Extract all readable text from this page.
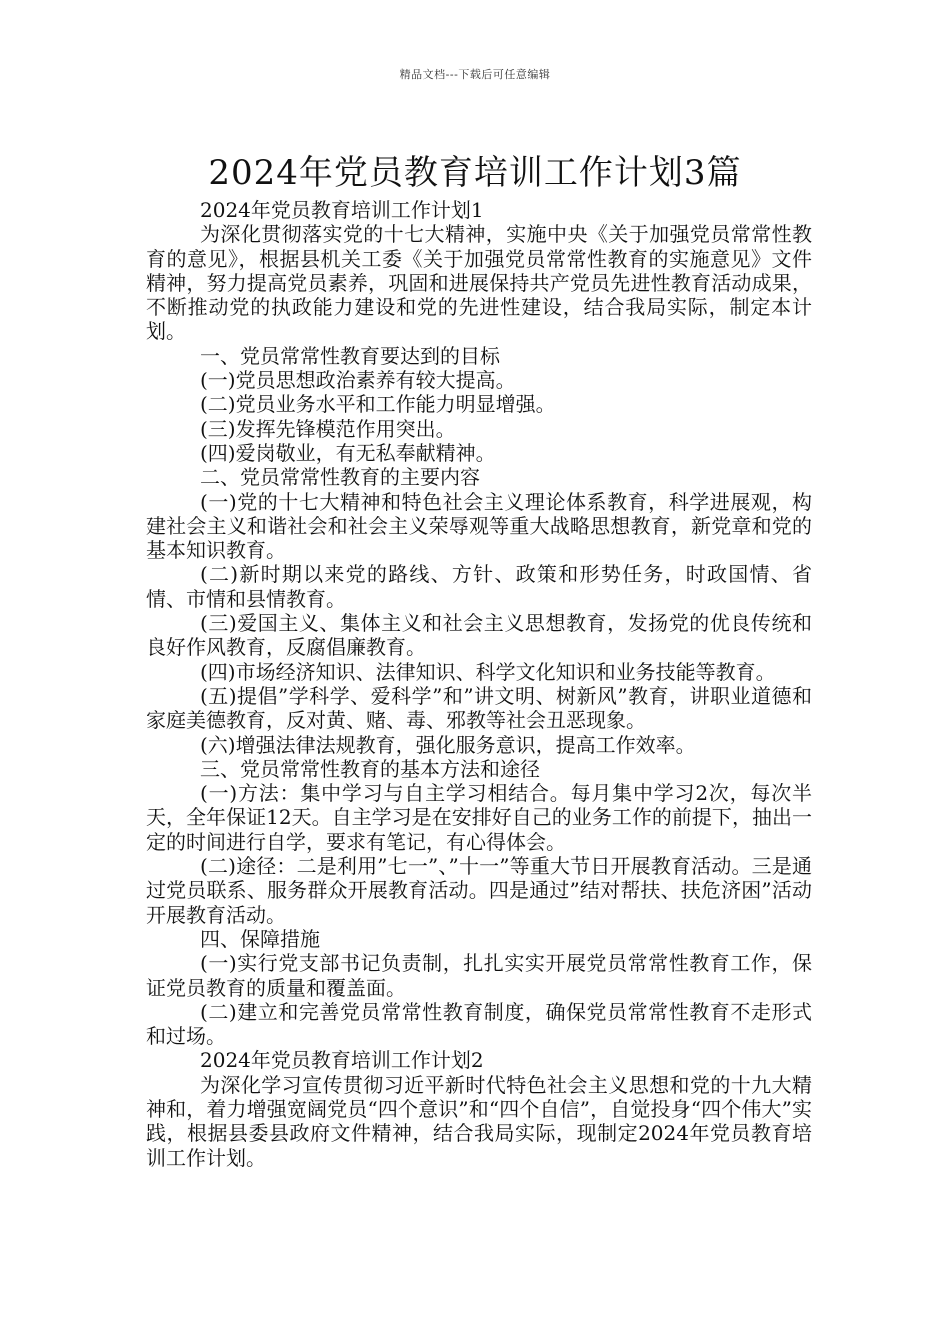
精品文档---下载后可任意编辑
2024年党员教育培训工作计划3篇

2024年党员教育培训工作计划1

为深化贯彻落实党的十七大精神，实施中央《关于加强党员常常性教育的意见》，根据县机关工委《关于加强党员常常性教育的实施意见》文件精神，努力提高党员素养，巩固和进展保持共产党员先进性教育活动成果，不断推动党的执政能力建设和党的先进性建设，结合我局实际，制定本计划。

一、党员常常性教育要达到的目标

(一)党员思想政治素养有较大提高。

(二)党员业务水平和工作能力明显增强。

(三)发挥先锋模范作用突出。

(四)爱岗敬业，有无私奉献精神。

二、党员常常性教育的主要内容

(一)党的十七大精神和特色社会主义理论体系教育，科学进展观，构建社会主义和谐社会和社会主义荣辱观等重大战略思想教育，新党章和党的基本知识教育。

(二)新时期以来党的路线、方针、政策和形势任务，时政国情、省情、市情和县情教育。

(三)爱国主义、集体主义和社会主义思想教育，发扬党的优良传统和良好作风教育，反腐倡廉教育。

(四)市场经济知识、法律知识、科学文化知识和业务技能等教育。

(五)提倡”学科学、爱科学”和”讲文明、树新风”教育，讲职业道德和家庭美德教育，反对黄、赌、毒、邪教等社会丑恶现象。

(六)增强法律法规教育，强化服务意识，提高工作效率。

三、党员常常性教育的基本方法和途径

(一)方法：集中学习与自主学习相结合。每月集中学习2次，每次半天，全年保证12天。自主学习是在安排好自己的业务工作的前提下，抽出一定的时间进行自学，要求有笔记，有心得体会。

(二)途径：二是利用”七一”、”十一”等重大节日开展教育活动。三是通过党员联系、服务群众开展教育活动。四是通过”结对帮扶、扶危济困”活动开展教育活动。

四、保障措施

(一)实行党支部书记负责制，扎扎实实开展党员常常性教育工作，保证党员教育的质量和覆盖面。

(二)建立和完善党员常常性教育制度，确保党员常常性教育不走形式和过场。

2024年党员教育培训工作计划2

为深化学习宣传贯彻习近平新时代特色社会主义思想和党的十九大精神和，着力增强宽阔党员“四个意识”和“四个自信”，自觉投身“四个伟大”实践，根据县委县政府文件精神，结合我局实际，现制定2024年党员教育培训工作计划。
